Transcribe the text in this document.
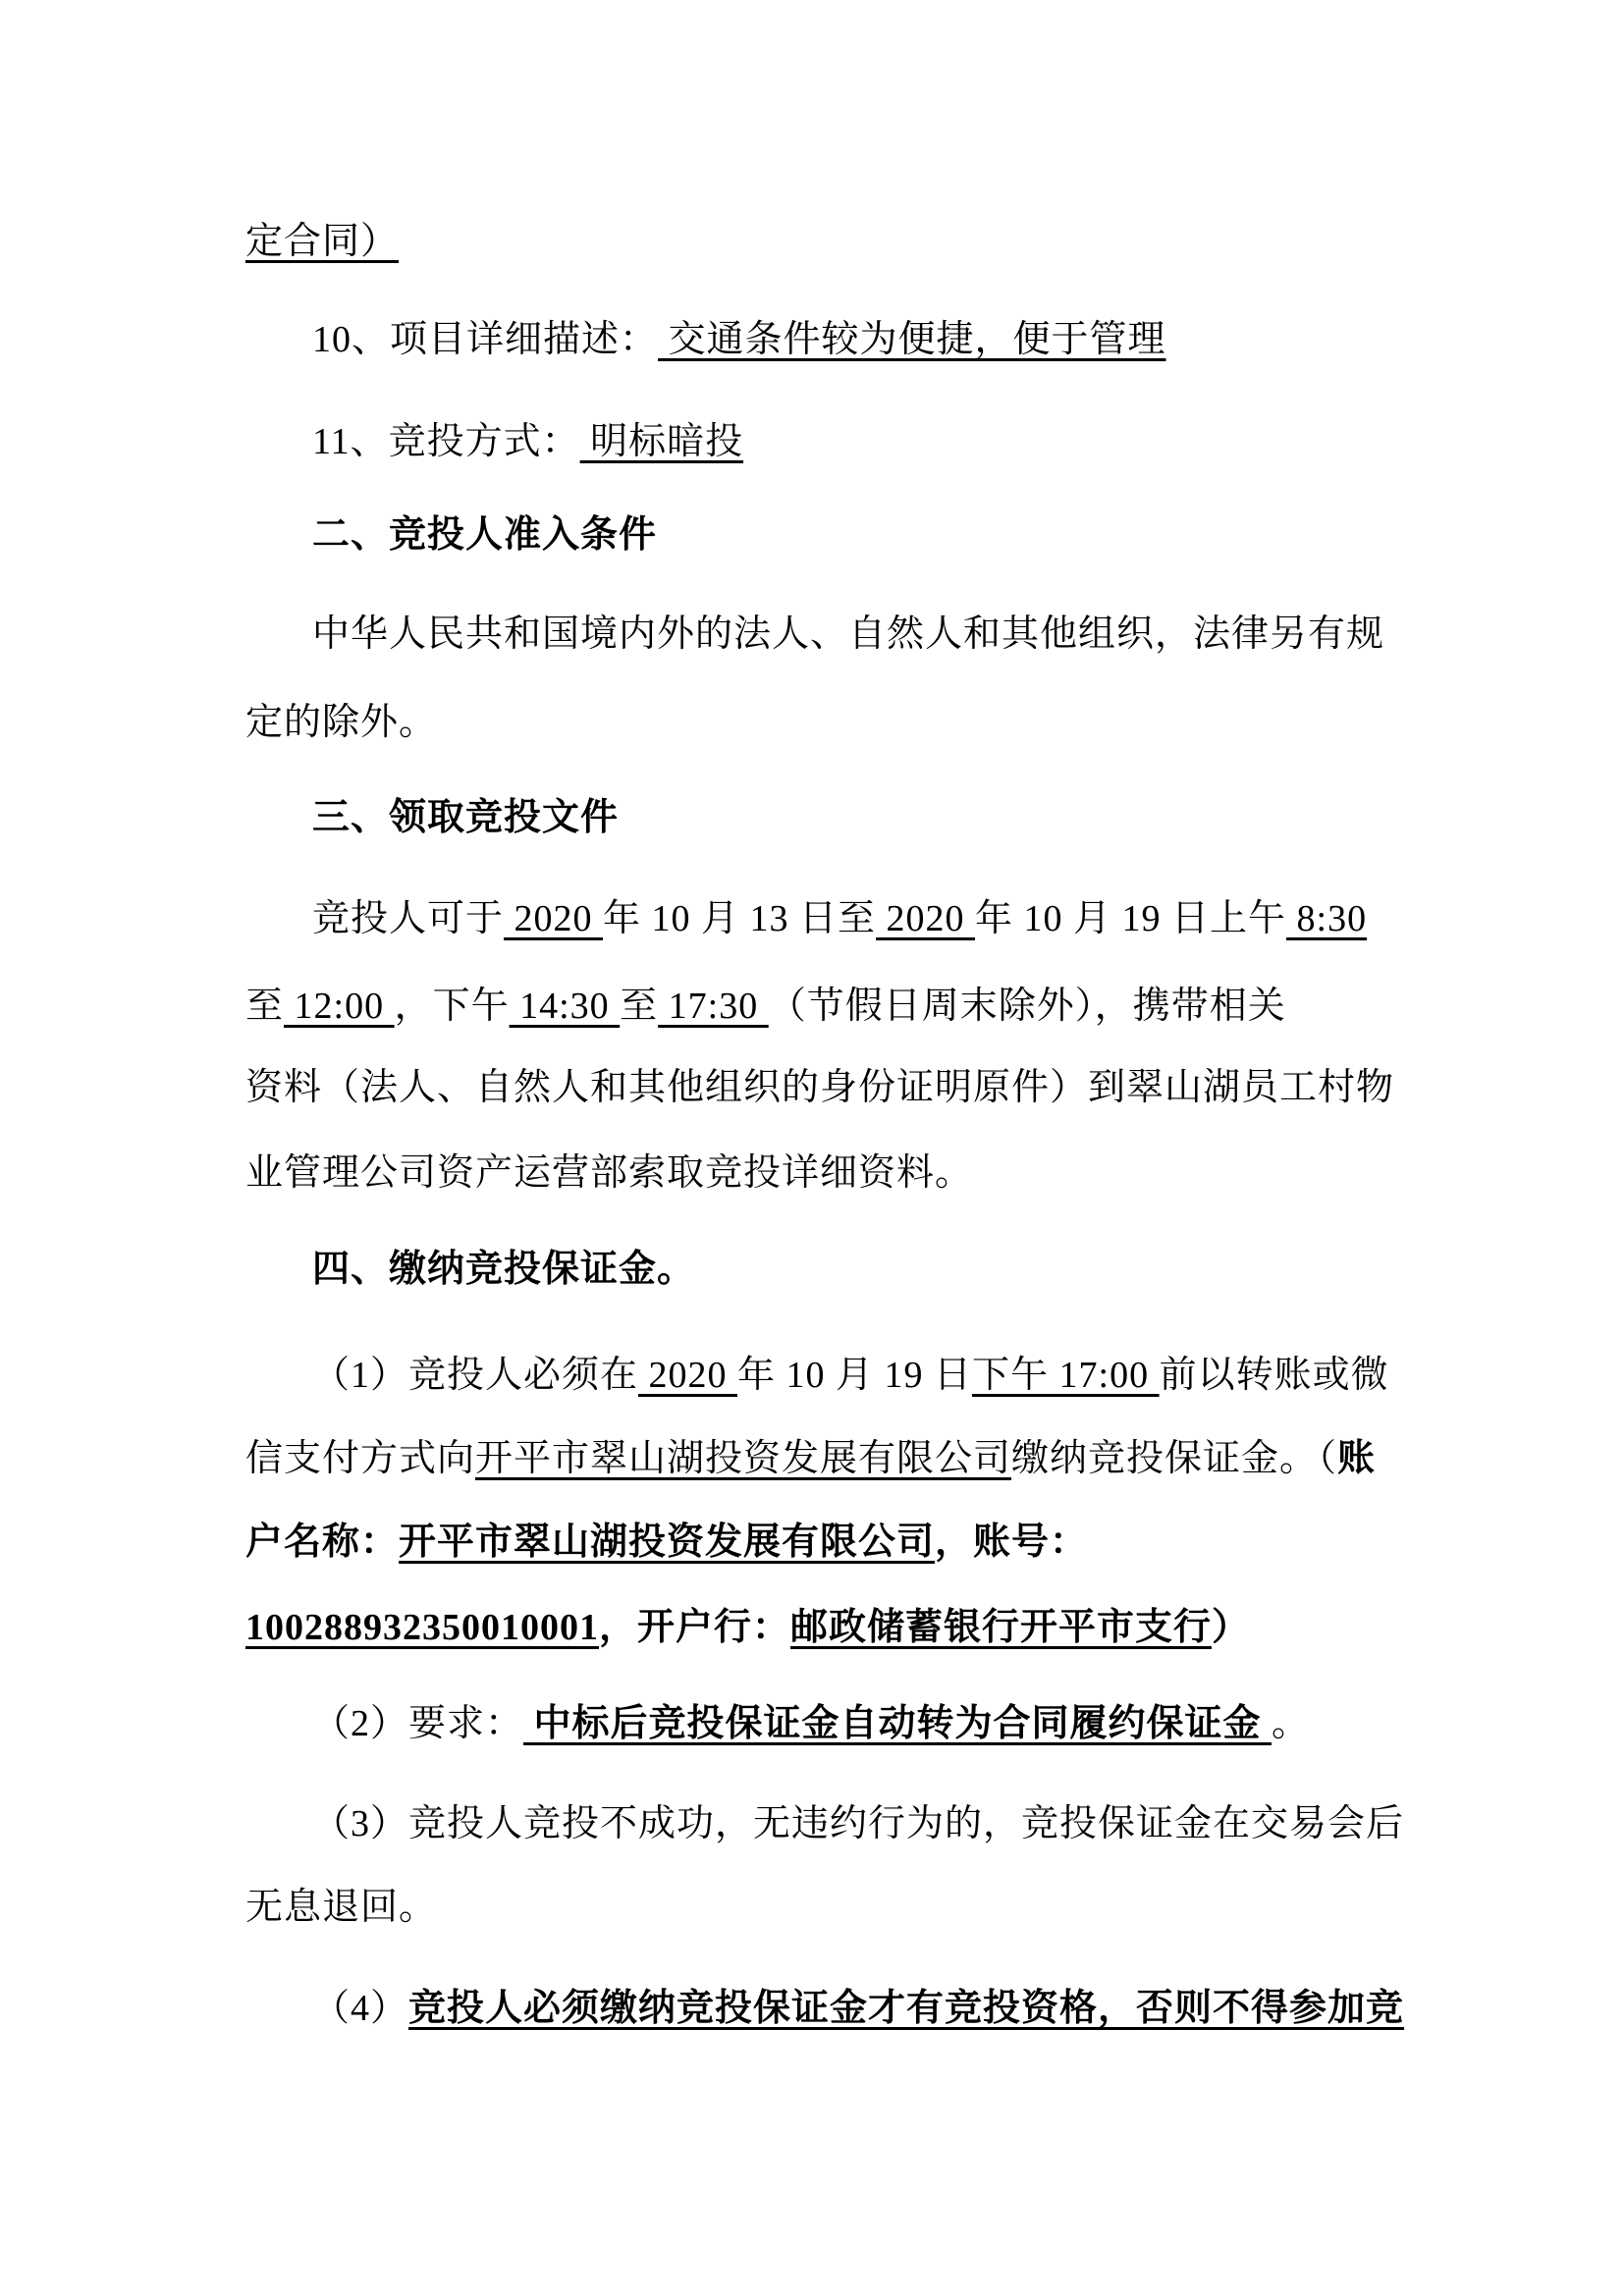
定合同）
10、项目详细描述： 交通条件较为便捷，便于管理
11、竞投方式： 明标暗投
二、竞投人准入条件
中华人民共和国境内外的法人、自然人和其他组织，法律另有规
定的除外。
三、领取竞投文件
竞投人可于 2020 年 10 月 13 日至 2020 年 10 月 19 日上午 8:30
至 12:00 ，下午 14:30 至 17:30 （节假日周末除外），携带相关
资料（法人、自然人和其他组织的身份证明原件）到翠山湖员工村物
业管理公司资产运营部索取竞投详细资料。
四、缴纳竞投保证金。
（1）竞投人必须在 2020 年 10 月 19 日下午 17:00 前以转账或微
信支付方式向开平市翠山湖投资发展有限公司缴纳竞投保证金。（账
户名称：开平市翠山湖投资发展有限公司，账号：
100288932350010001，开户行：邮政储蓄银行开平市支行）
（2）要求： 中标后竞投保证金自动转为合同履约保证金 。
（3）竞投人竞投不成功，无违约行为的，竞投保证金在交易会后
无息退回。
（4）竞投人必须缴纳竞投保证金才有竞投资格，否则不得参加竞
